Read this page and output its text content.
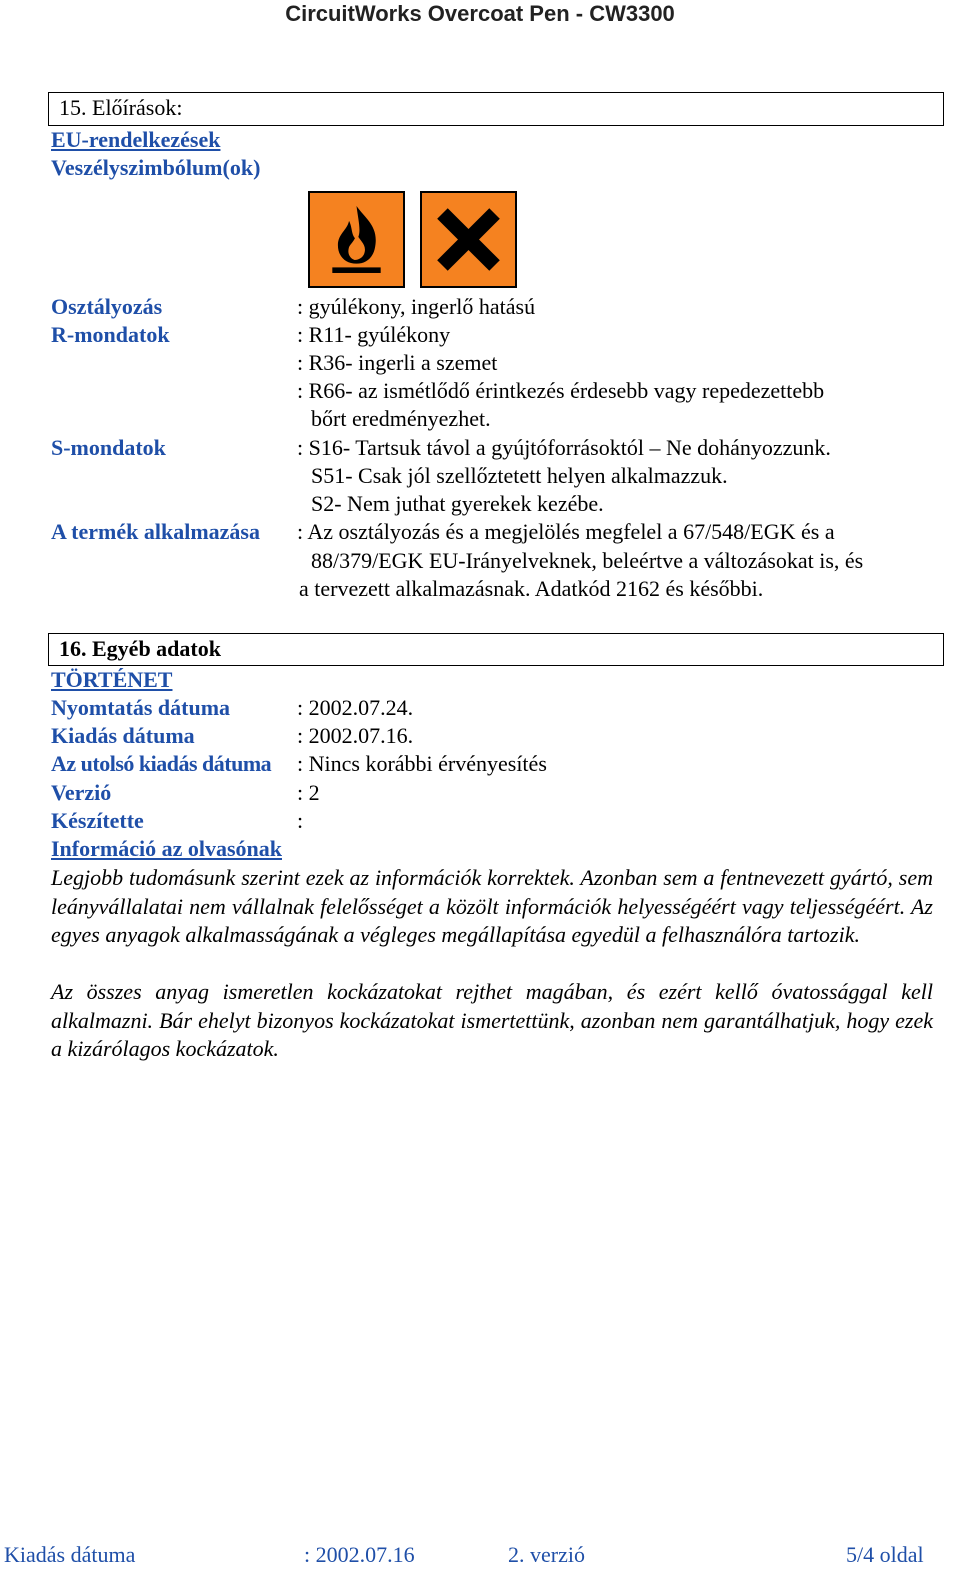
CircuitWorks Overcoat Pen - CW3300
15. Előírások:
EU-rendelkezések
Veszélyszimbólum(ok)
Osztályozás	: gyúlékony, ingerlő hatású
R-mondatok	: R11- gyúlékony
: R36- ingerli a szemet
: R66- az ismétlődő érintkezés érdesebb vagy repedezettebb
bőrt eredményezhet.
S-mondatok	: S16- Tartsuk távol a gyújtóforrásoktól – Ne dohányozzunk.
S51- Csak jól szellőztetett helyen alkalmazzuk.
S2- Nem juthat gyerekek kezébe.
A termék alkalmazása : Az osztályozás és a megjelölés megfelel a 67/548/EGK és a
88/379/EGK EU-Irányelveknek, beleértve a változásokat is, és
a tervezett alkalmazásnak. Adatkód 2162 és későbbi.
16. Egyéb adatok
TÖRTÉNET
Nyomtatás dátuma	: 2002.07.24.
Kiadás dátuma	: 2002.07.16.
Az utolsó kiadás dátuma : Nincs korábbi érvényesítés
Verzió	: 2
Készítette	:
Információ az olvasónak
Legjobb tudomásunk szerint ezek az információk korrektek. Azonban sem a fentnevezett gyártó, sem leányvállalatai nem vállalnak felelősséget a közölt információk helyességéért vagy teljességéért. Az egyes anyagok alkalmasságának a végleges megállapítása egyedül a felhasználóra tartozik.
Az összes anyag ismeretlen kockázatokat rejthet magában, és ezért kellő óvatossággal kell alkalmazni. Bár ehelyt bizonyos kockázatokat ismertettünk, azonban nem garantálhatjuk, hogy ezek a kizárólagos kockázatok.
Kiadás dátuma	: 2002.07.16	2. verzió	5/4 oldal
